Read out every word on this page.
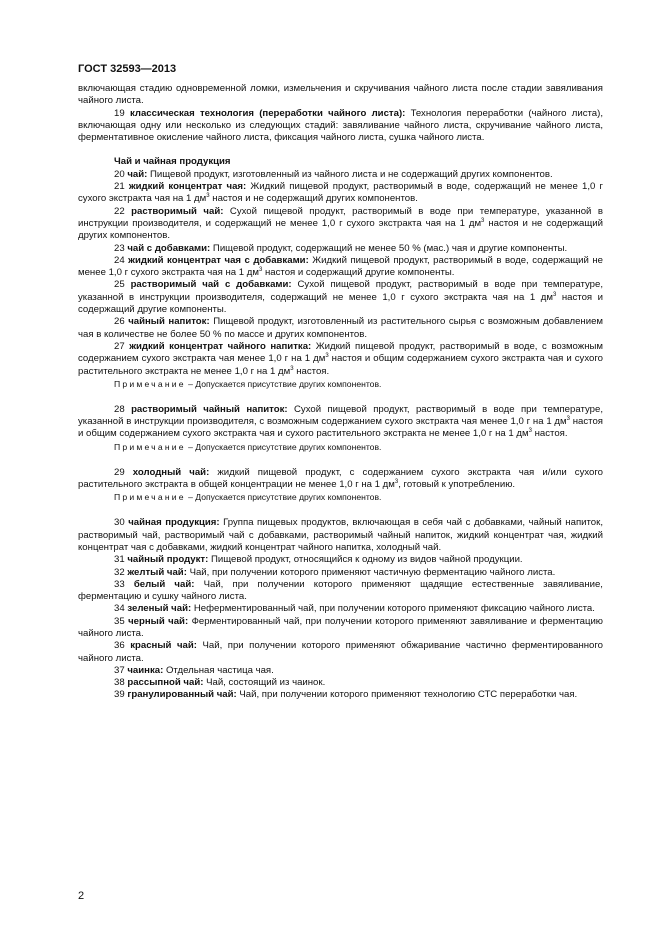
ГОСТ 32593—2013

включающая стадию одновременной ломки, измельчения и скручивания чайного листа после стадии завяливания чайного листа.

19 классическая технология (переработки чайного листа): Технология переработки (чайного листа), включающая одну или несколько из следующих стадий: завяливание чайного листа, скручивание чайного листа, ферментативное окисление чайного листа, фиксация чайного листа, сушка чайного листа.

Чай и чайная продукция

20 чай: Пищевой продукт, изготовленный из чайного листа и не содержащий других компонентов.

21 жидкий концентрат чая: Жидкий пищевой продукт, растворимый в воде, содержащий не менее 1,0 г сухого экстракта чая на 1 $дм^3$ настоя и не содержащий других компонентов.

22 растворимый чай: Сухой пищевой продукт, растворимый в воде при температуре, указанной в инструкции производителя, и содержащий не менее 1,0 г сухого экстракта чая на 1 $дм^3$ настоя и не содержащий других компонентов.

23 чай с добавками: Пищевой продукт, содержащий не менее 50 % (мас.) чая и другие компоненты.

24 жидкий концентрат чая с добавками: Жидкий пищевой продукт, растворимый в воде, содержащий не менее 1,0 г сухого экстракта чая на 1 $дм^3$ настоя и содержащий другие компоненты.

25 растворимый чай с добавками: Сухой пищевой продукт, растворимый в воде при температуре, указанной в инструкции производителя, содержащий не менее 1,0 г сухого экстракта чая на 1 $дм^3$ настоя и содержащий другие компоненты.

26 чайный напиток: Пищевой продукт, изготовленный из растительного сырья с возможным добавлением чая в количестве не более 50 % по массе и других компонентов.

27 жидкий концентрат чайного напитка: Жидкий пищевой продукт, растворимый в воде, с возможным содержанием сухого экстракта чая менее 1,0 г на 1 $дм^3$ настоя и общим содержанием сухого экстракта чая и сухого растительного экстракта не менее 1,0 г на 1 $дм^3$ настоя.

Примечание – Допускается присутствие других компонентов.

28 растворимый чайный напиток: Сухой пищевой продукт, растворимый в воде при температуре, указанной в инструкции производителя, с возможным содержанием сухого экстракта чая менее 1,0 г на 1 $дм^3$ настоя и общим содержанием сухого экстракта чая и сухого растительного экстракта не менее 1,0 г на 1 $дм^3$ настоя.

Примечание – Допускается присутствие других компонентов.

29 холодный чай: жидкий пищевой продукт, с содержанием сухого экстракта чая и/или сухого растительного экстракта в общей концентрации не менее 1,0 г на 1 $дм^3$, готовый к употреблению.

Примечание – Допускается присутствие других компонентов.

30 чайная продукция: Группа пищевых продуктов, включающая в себя чай с добавками, чайный напиток, растворимый чай, растворимый чай с добавками, растворимый чайный напиток, жидкий концентрат чая, жидкий концентрат чая с добавками, жидкий концентрат чайного напитка, холодный чай.

31 чайный продукт: Пищевой продукт, относящийся к одному из видов чайной продукции.

32 желтый чай: Чай, при получении которого применяют частичную ферментацию чайного листа.

33 белый чай: Чай, при получении которого применяют щадящие естественные завяливание, ферментацию и сушку чайного листа.

34 зеленый чай: Неферментированный чай, при получении которого применяют фиксацию чайного листа.

35 черный чай: Ферментированный чай, при получении которого применяют завяливание и ферментацию чайного листа.

36 красный чай: Чай, при получении которого применяют обжаривание частично ферментированного чайного листа.

37 чаинка: Отдельная частица чая.

38 рассыпной чай: Чай, состоящий из чаинок.

39 гранулированный чай: Чай, при получении которого применяют технологию СТС переработки чая.

2
